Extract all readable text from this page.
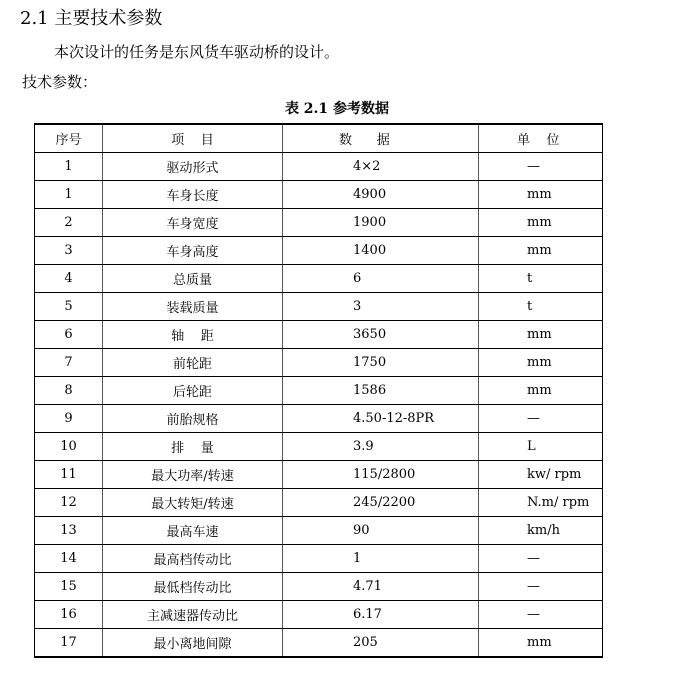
2.1 主要技术参数
本次设计的任务是东风货车驱动桥的设计。
技术参数：
表 2.1 参考数据
序号	项    目	数      据	单    位
1	驱动形式	4×2	—
1	车身长度	4900	mm
2	车身宽度	1900	mm
3	车身高度	1400	mm
4	总质量	6	t
5	装载质量	3	t
6	轴    距	3650	mm
7	前轮距	1750	mm
8	后轮距	1586	mm
9	前胎规格	4.50-12-8PR	—
10	排    量	3.9	L
11	最大功率/转速	115/2800	kw/ rpm
12	最大转矩/转速	245/2200	N.m/ rpm
13	最高车速	90	km/h
14	最高档传动比	1	—
15	最低档传动比	4.71	—
16	主减速器传动比	6.17	—
17	最小离地间隙	205	mm
